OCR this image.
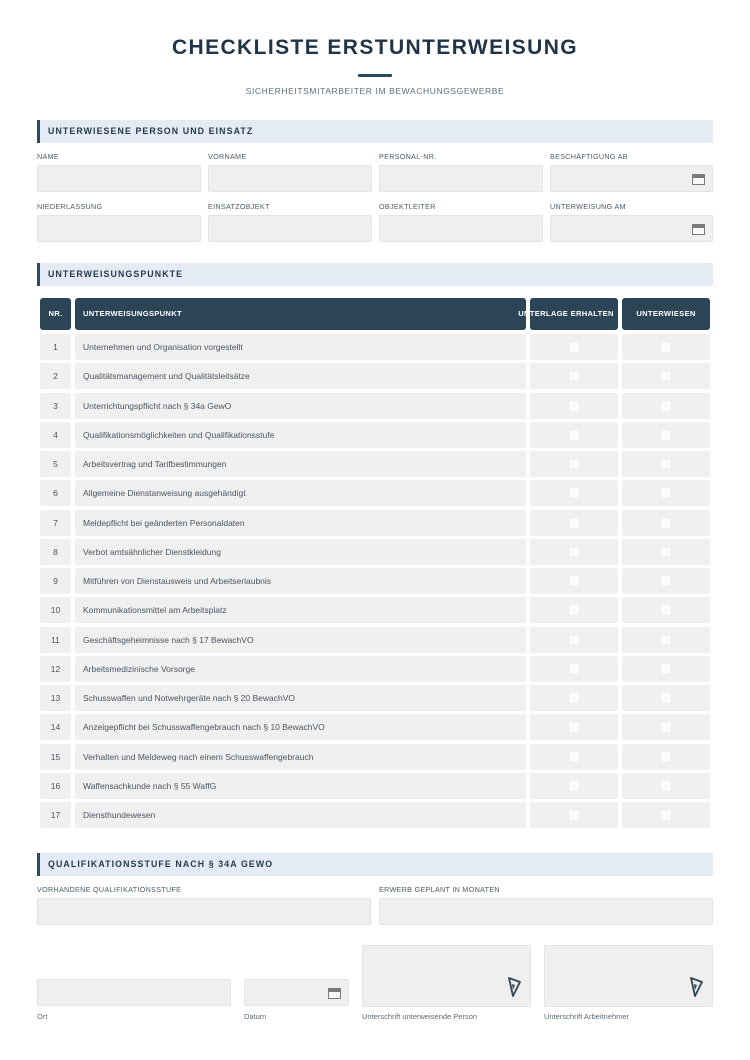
CHECKLISTE ERSTUNTERWEISUNG
SICHERHEITSMITARBEITER IM BEWACHUNGSGEWERBE
UNTERWIESENE PERSON UND EINSATZ
NAME	VORNAME	PERSONAL-NR.	BESCHÄFTIGUNG AB
NIEDERLASSUNG	EINSATZOBJEKT	OBJEKTLEITER	UNTERWEISUNG AM
UNTERWEISUNGSPUNKTE
NR.	UNTERWEISUNGSPUNKT	UNTERLAGE ERHALTEN	UNTERWIESEN
1	Unternehmen und Organisation vorgestellt
2	Qualitätsmanagement und Qualitätsleitsätze
3	Unterrichtungspflicht nach § 34a GewO
4	Qualifikationsmöglichkeiten und Qualifikationsstufe
5	Arbeitsvertrag und Tarifbestimmungen
6	Allgemeine Dienstanweisung ausgehändigt
7	Meldepflicht bei geänderten Personaldaten
8	Verbot amtsähnlicher Dienstkleidung
9	Mitführen von Dienstausweis und Arbeitserlaubnis
10	Kommunikationsmittel am Arbeitsplatz
11	Geschäftsgeheimnisse nach § 17 BewachVO
12	Arbeitsmedizinische Vorsorge
13	Schusswaffen und Notwehrgeräte nach § 20 BewachVO
14	Anzeigepflicht bei Schusswaffengebrauch nach § 10 BewachVO
15	Verhalten und Meldeweg nach einem Schusswaffengebrauch
16	Waffensachkunde nach § 55 WaffG
17	Diensthundewesen
QUALIFIKATIONSSTUFE NACH § 34A GEWO
VORHANDENE QUALIFIKATIONSSTUFE	ERWERB GEPLANT IN MONATEN
Ort	Datum	Unterschrift unterweisende Person	Unterschrift Arbeitnehmer
